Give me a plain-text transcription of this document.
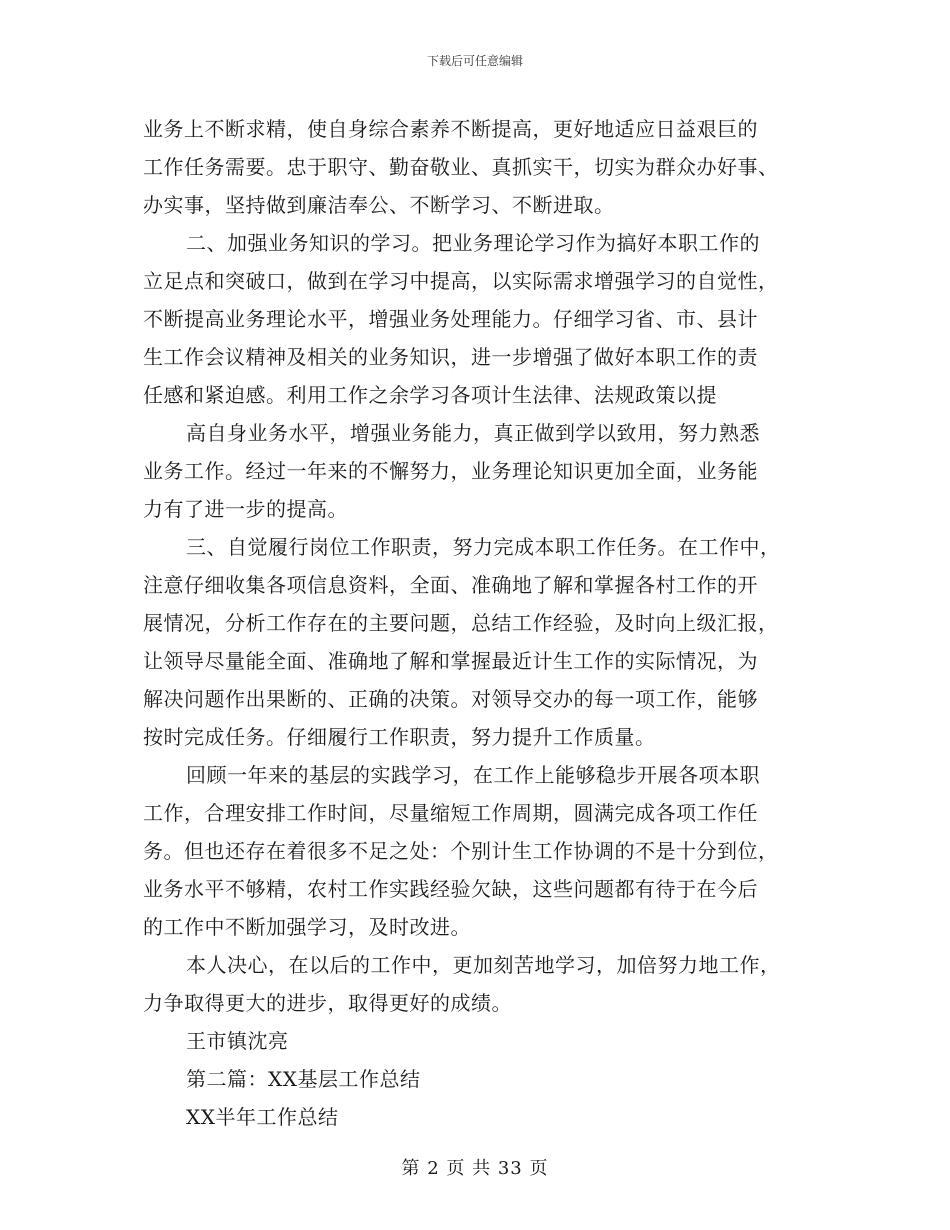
下载后可任意编辑
业务上不断求精，使自身综合素养不断提高，更好地适应日益艰巨的
工作任务需要。忠于职守、勤奋敬业、真抓实干，切实为群众办好事、
办实事，坚持做到廉洁奉公、不断学习、不断进取。
二、加强业务知识的学习。把业务理论学习作为搞好本职工作的
立足点和突破口，做到在学习中提高，以实际需求增强学习的自觉性，
不断提高业务理论水平，增强业务处理能力。仔细学习省、市、县计
生工作会议精神及相关的业务知识，进一步增强了做好本职工作的责
任感和紧迫感。利用工作之余学习各项计生法律、法规政策以提
高自身业务水平，增强业务能力，真正做到学以致用，努力熟悉
业务工作。经过一年来的不懈努力，业务理论知识更加全面，业务能
力有了进一步的提高。
三、自觉履行岗位工作职责，努力完成本职工作任务。在工作中，
注意仔细收集各项信息资料，全面、准确地了解和掌握各村工作的开
展情况，分析工作存在的主要问题，总结工作经验，及时向上级汇报，
让领导尽量能全面、准确地了解和掌握最近计生工作的实际情况，为
解决问题作出果断的、正确的决策。对领导交办的每一项工作，能够
按时完成任务。仔细履行工作职责，努力提升工作质量。
回顾一年来的基层的实践学习，在工作上能够稳步开展各项本职
工作，合理安排工作时间，尽量缩短工作周期，圆满完成各项工作任
务。但也还存在着很多不足之处：个别计生工作协调的不是十分到位，
业务水平不够精，农村工作实践经验欠缺，这些问题都有待于在今后
的工作中不断加强学习，及时改进。
本人决心，在以后的工作中，更加刻苦地学习，加倍努力地工作，
力争取得更大的进步，取得更好的成绩。
王市镇沈亮
第二篇：XX基层工作总结
XX半年工作总结
第 2 页 共 33 页
